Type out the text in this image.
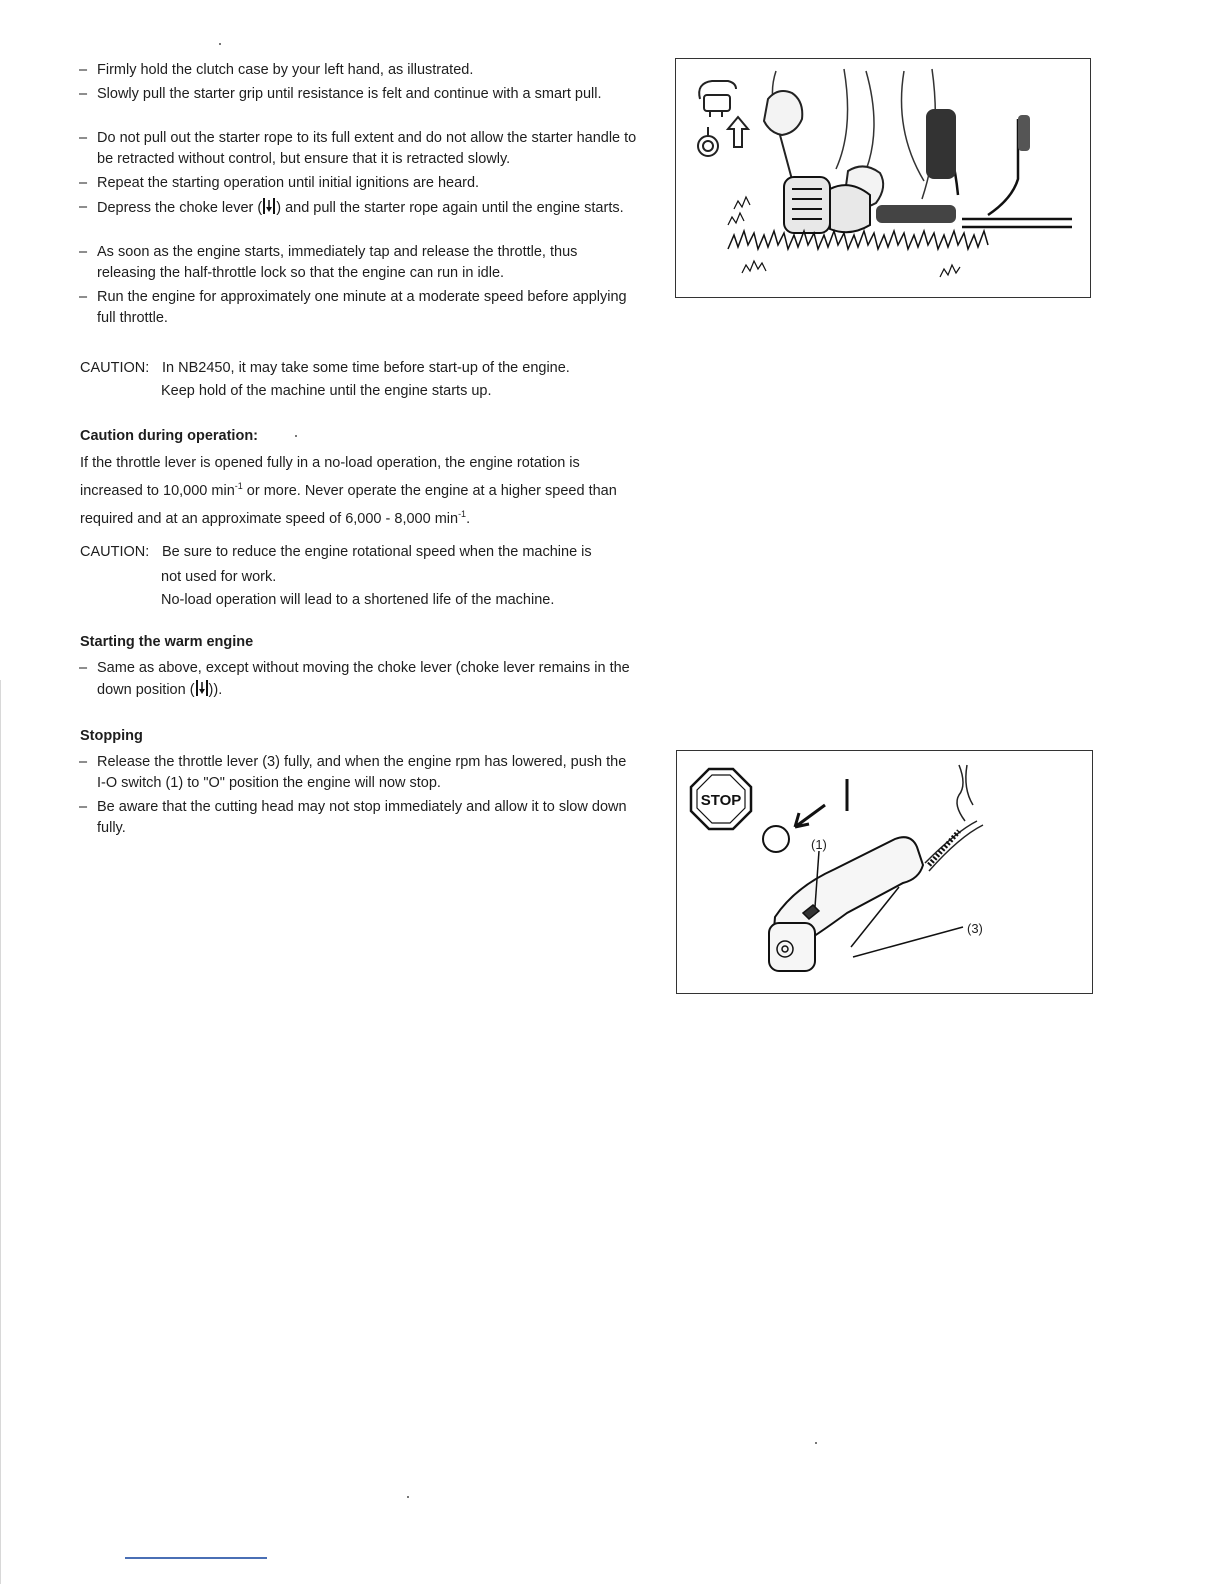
– Firmly hold the clutch case by your left hand, as illustrated.
– Slowly pull the starter grip until resistance is felt and continue with a smart pull.
– Do not pull out the starter rope to its full extent and do not allow the starter handle to be retracted without control, but ensure that it is retracted slowly.
– Repeat the starting operation until initial ignitions are heard.
– Depress the choke lever ( ) and pull the starter rope again until the engine starts.
– As soon as the engine starts, immediately tap and release the throttle, thus releasing the half-throttle lock so that the engine can run in idle.
– Run the engine for approximately one minute at a moderate speed before applying full throttle.
CAUTION: In NB2450, it may take some time before start-up of the engine.
Keep hold of the machine until the engine starts up.
Caution during operation:
If the throttle lever is opened fully in a no-load operation, the engine rotation is increased to 10,000 $\min^{-1}$ or more. Never operate the engine at a higher speed than required and at an approximate speed of 6,000 - 8,000 $\min^{-1}$.
CAUTION: Be sure to reduce the engine rotational speed when the machine is
not used for work.
No-load operation will lead to a shortened life of the machine.
Starting the warm engine
– Same as above, except without moving the choke lever (choke lever remains in the down position ( )).
Stopping
– Release the throttle lever (3) fully, and when the engine rpm has lowered, push the I-O switch (1) to "O" position the engine will now stop.
– Be aware that the cutting head may not stop immediately and allow it to slow down fully.
STOP
(1)
(3)
